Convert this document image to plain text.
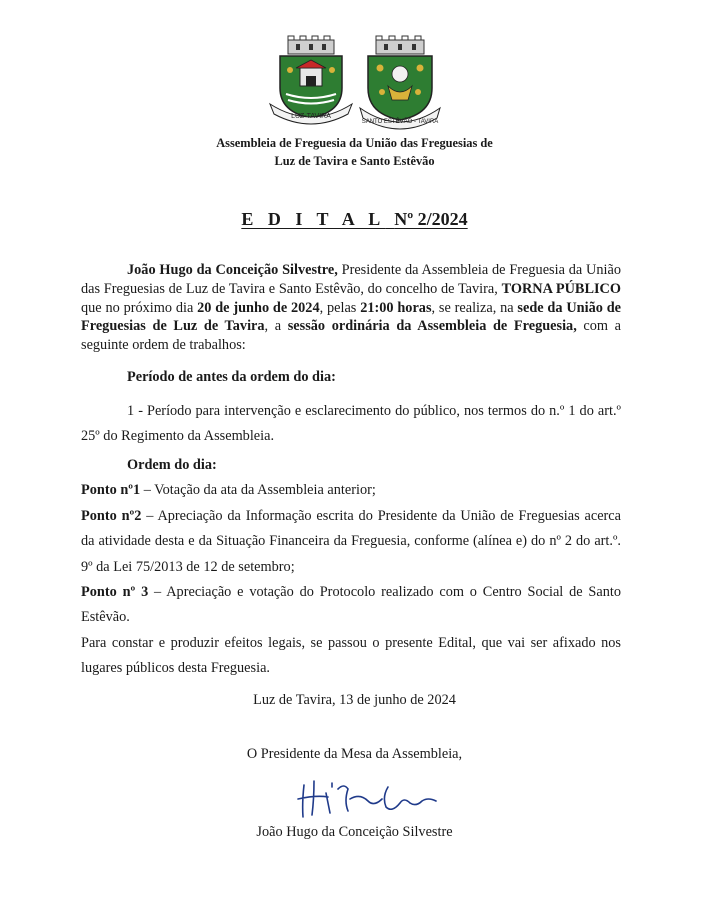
LUZ-TAVIRA
SANTO ESTÊVÃO - TAVIRA
Assembleia de Freguesia da União das Freguesias de
Luz de Tavira e Santo Estêvão
E D I T A L Nº 2/2024

João Hugo da Conceição Silvestre, Presidente da Assembleia de Freguesia da União das Freguesias de Luz de Tavira e Santo Estêvão, do concelho de Tavira, TORNA PÚBLICO que no próximo dia 20 de junho de 2024, pelas 21:00 horas, se realiza, na sede da União de Freguesias de Luz de Tavira, a sessão ordinária da Assembleia de Freguesia, com a seguinte ordem de trabalhos:

Período de antes da ordem do dia:

1 - Período para intervenção e esclarecimento do público, nos termos do n.º 1 do art.º 25º do Regimento da Assembleia.

Ordem do dia:

Ponto nº1 – Votação da ata da Assembleia anterior;

Ponto nº2 – Apreciação da Informação escrita do Presidente da União de Freguesias acerca da atividade desta e da Situação Financeira da Freguesia, conforme (alínea e) do nº 2 do art.º. 9º da Lei 75/2013 de 12 de setembro;

Ponto nº 3 – Apreciação e votação do Protocolo realizado com o Centro Social de Santo Estêvão.

Para constar e produzir efeitos legais, se passou o presente Edital, que vai ser afixado nos lugares públicos desta Freguesia.

Luz de Tavira, 13 de junho de 2024
O Presidente da Mesa da Assembleia,
João Hugo da Conceição Silvestre
